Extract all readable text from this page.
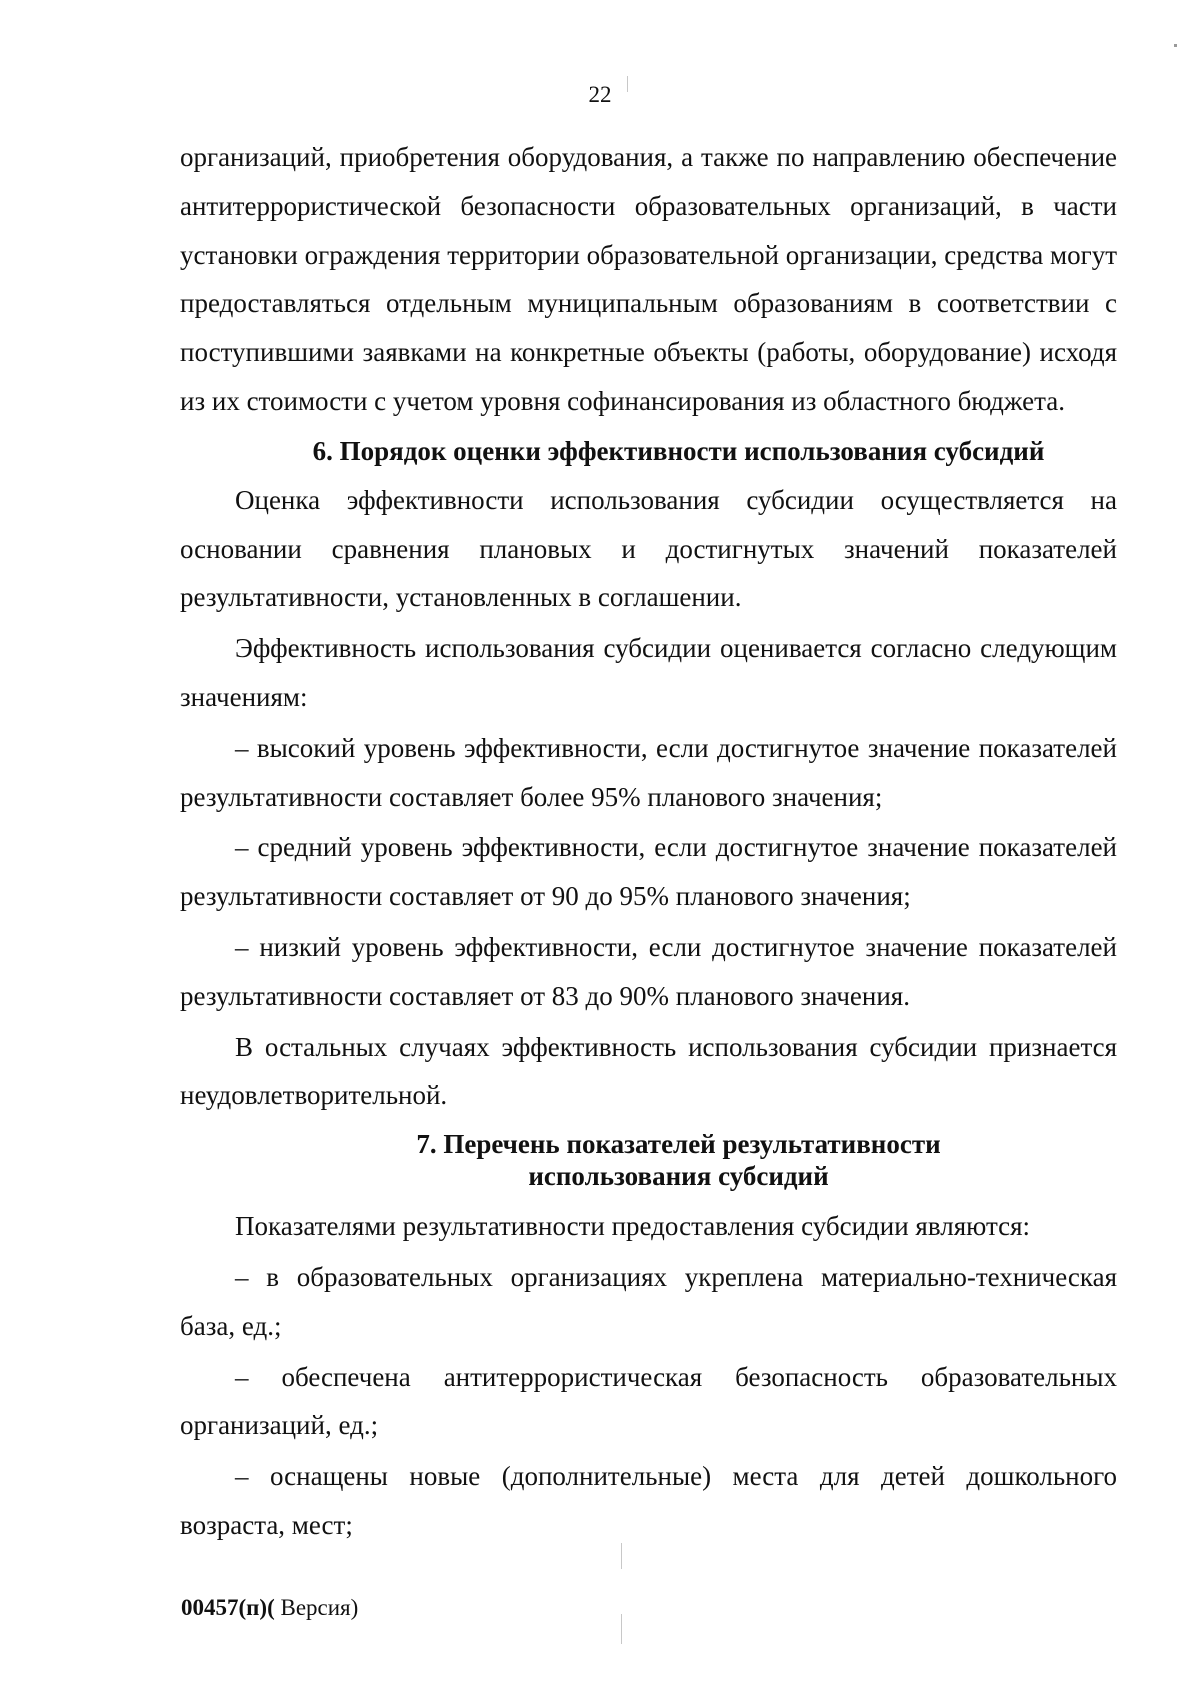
22

организаций, приобретения оборудования, а также по направлению обеспечение антитеррористической безопасности образовательных организаций, в части установки ограждения территории образовательной организации, средства могут предоставляться отдельным муниципальным образованиям в соответствии с поступившими заявками на конкретные объекты (работы, оборудование) исходя из их стоимости с учетом уровня софинансирования из областного бюджета.

6. Порядок оценки эффективности использования субсидий

Оценка эффективности использования субсидии осуществляется на основании сравнения плановых и достигнутых значений показателей результативности, установленных в соглашении.

Эффективность использования субсидии оценивается согласно следующим значениям:

– высокий уровень эффективности, если достигнутое значение показателей результативности составляет более 95% планового значения;

– средний уровень эффективности, если достигнутое значение показателей результативности составляет от 90 до 95% планового значения;

– низкий уровень эффективности, если достигнутое значение показателей результативности составляет от 83 до 90% планового значения.

В остальных случаях эффективность использования субсидии признается неудовлетворительной.

7. Перечень показателей результативности
использования субсидий

Показателями результативности предоставления субсидии являются:

– в образовательных организациях укреплена материально-техническая база, ед.;

– обеспечена антитеррористическая безопасность образовательных организаций, ед.;

– оснащены новые (дополнительные) места для детей дошкольного возраста, мест;

00457(п)( Версия)
